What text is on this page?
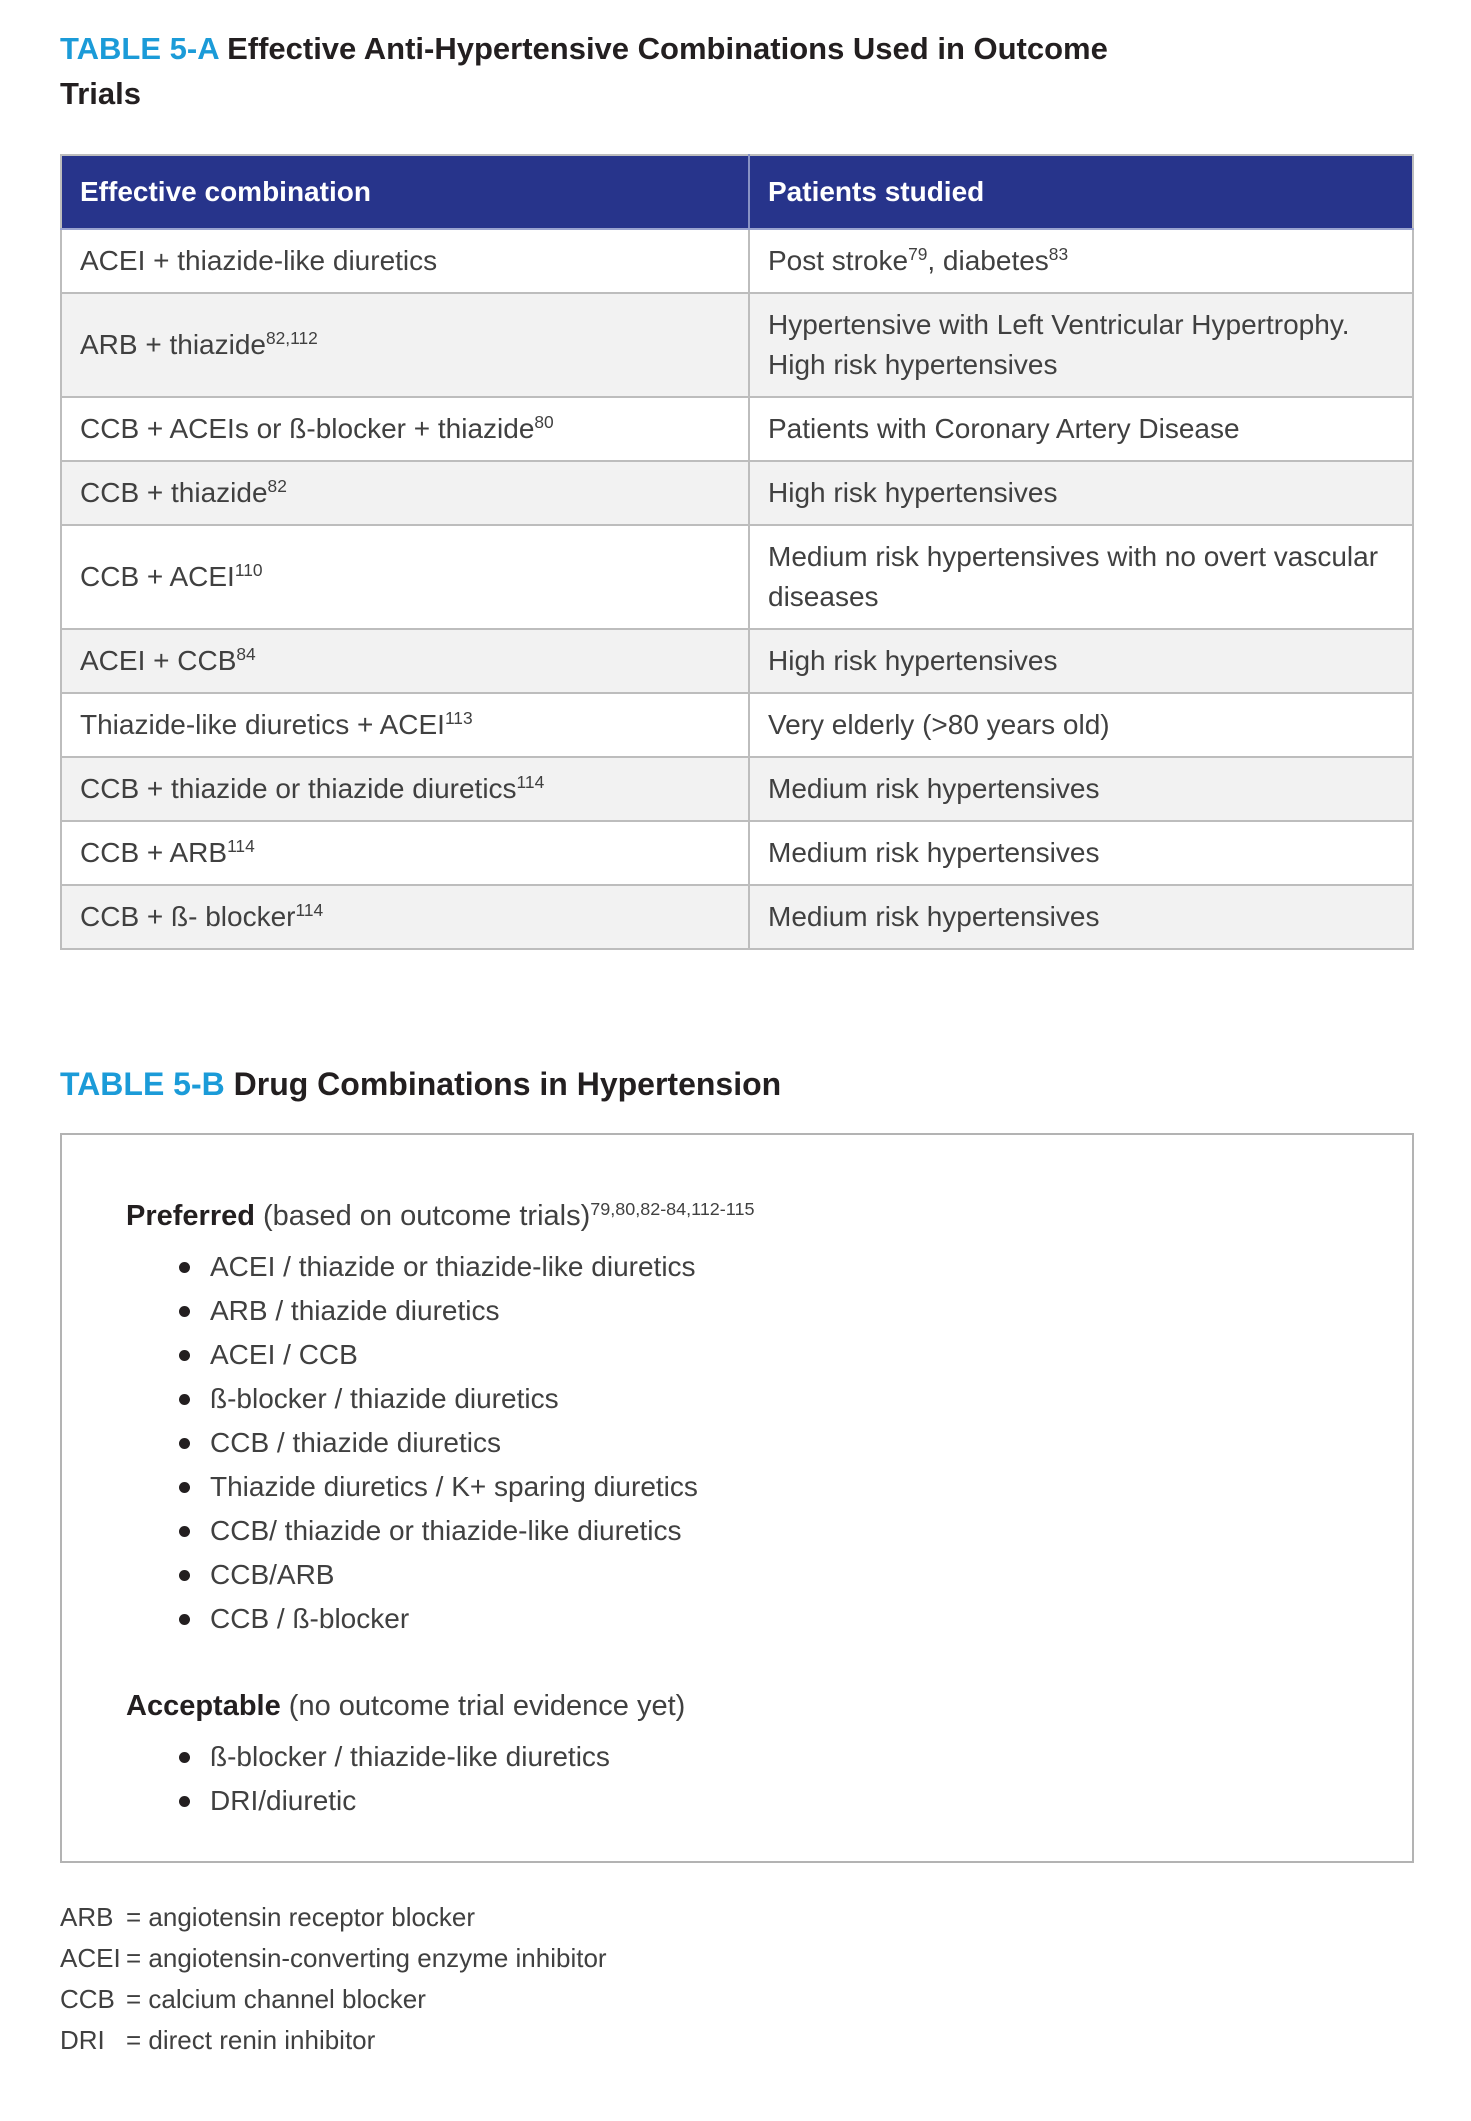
TABLE 5-A Effective Anti-Hypertensive Combinations Used in Outcome Trials
Effective combination	Patients studied
ACEI + thiazide-like diuretics	Post stroke$^{79}$, diabetes$^{83}$
ARB + thiazide$^{82,112}$	Hypertensive with Left Ventricular Hypertrophy. High risk hypertensives
CCB + ACEIs or ß-blocker + thiazide$^{80}$	Patients with Coronary Artery Disease
CCB + thiazide$^{82}$	High risk hypertensives
CCB + $ACEI^{110}$	Medium risk hypertensives with no overt vascular diseases
ACEI + $CCB^{84}$	High risk hypertensives
Thiazide-like diuretics + $ACEI^{113}$	Very elderly (>80 years old)
CCB + thiazide or thiazide diuretics$^{114}$	Medium risk hypertensives
CCB + $ARB^{114}$	Medium risk hypertensives
CCB + ß- blocker$^{114}$	Medium risk hypertensives
TABLE 5-B Drug Combinations in Hypertension

Preferred (based on outcome trials)$^{79,80,82-84,112-115}$

ACEI / thiazide or thiazide-like diuretics
ARB / thiazide diuretics
ACEI / CCB
ß-blocker / thiazide diuretics
CCB / thiazide diuretics
Thiazide diuretics / K+ sparing diuretics
CCB/ thiazide or thiazide-like diuretics
CCB/ARB
CCB / ß-blocker

Acceptable (no outcome trial evidence yet)

ß-blocker / thiazide-like diuretics
DRI/diuretic
ARB = angiotensin receptor blocker
ACEI = angiotensin-converting enzyme inhibitor
CCB = calcium channel blocker
DRI = direct renin inhibitor
